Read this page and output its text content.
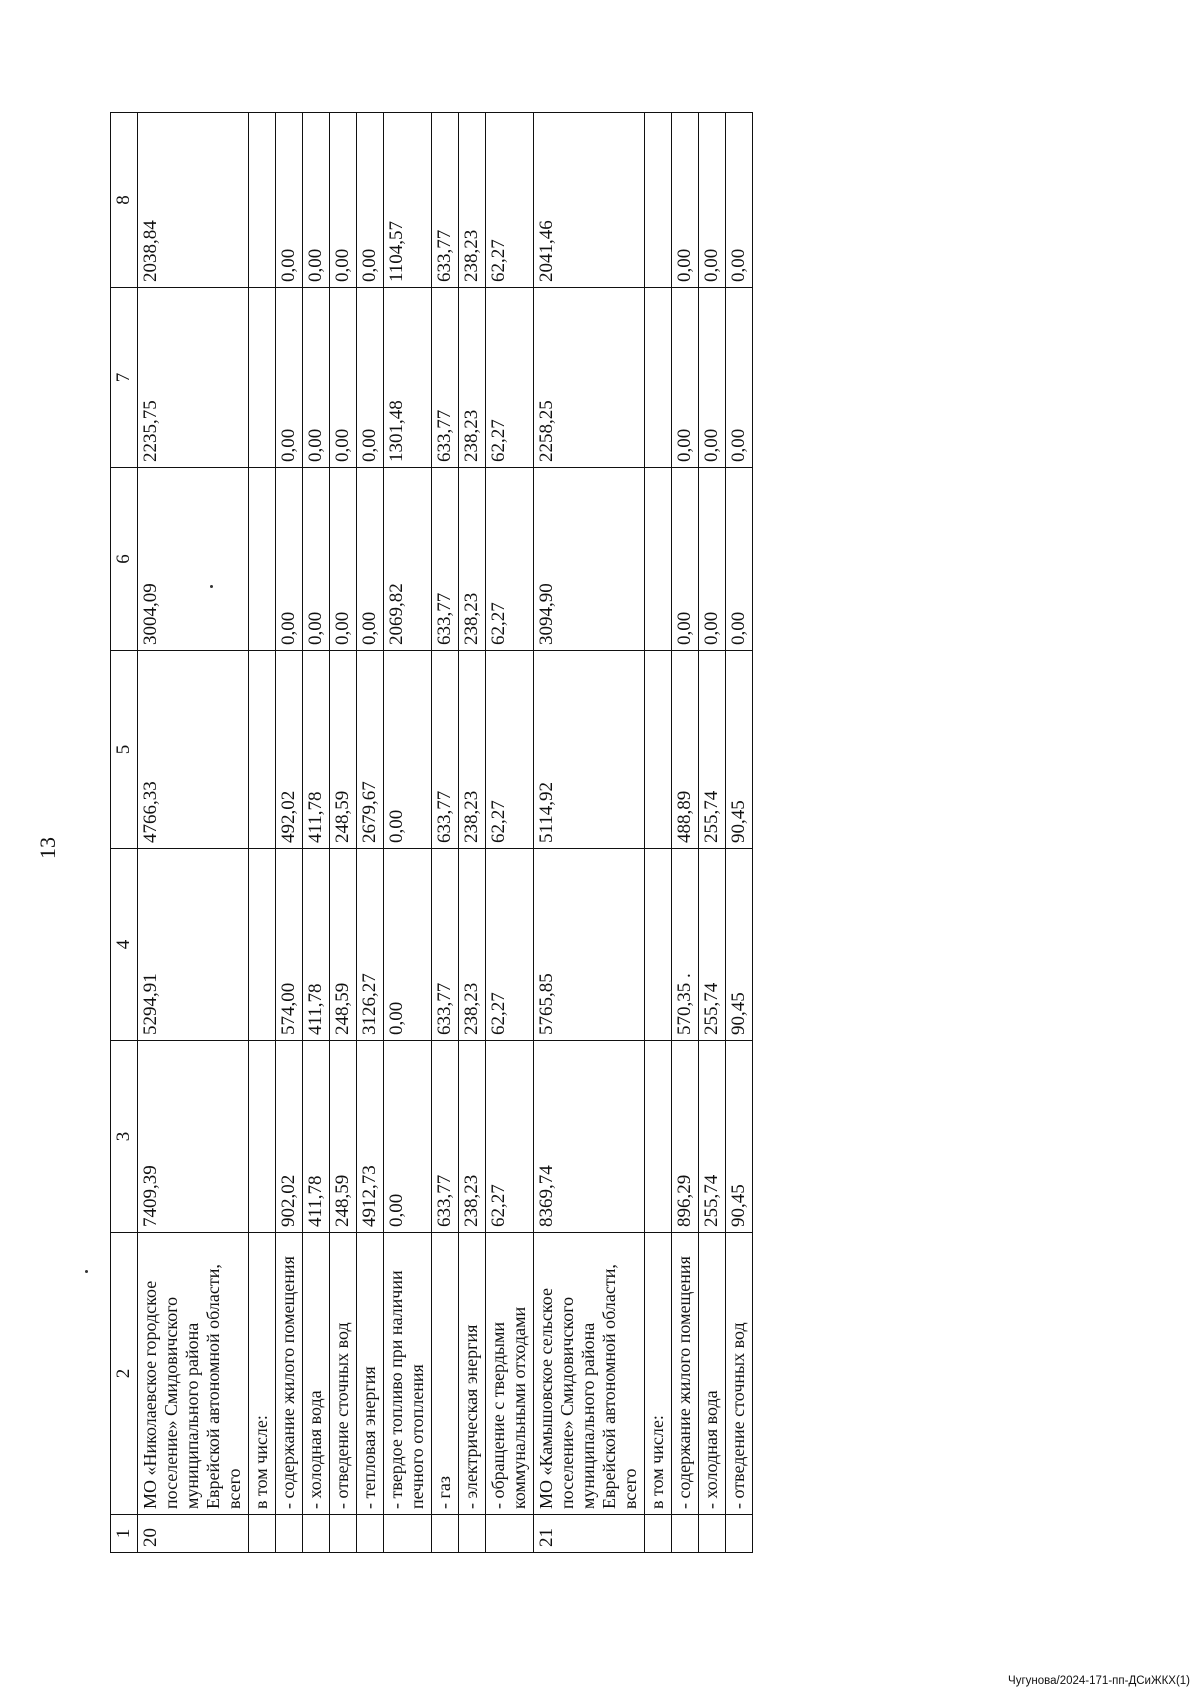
13
1	2	3	4	5	6	7	8
20	МО «Николаевское городское поселение» Смидовичского муниципального района Еврейской автономной области, всего	7409,39	5294,91	4766,33	3004,09	2235,75	2038,84
	в том числе:						
	- содержание жилого помещения	902,02	574,00	492,02	0,00	0,00	0,00
	- холодная вода	411,78	411,78	411,78	0,00	0,00	0,00
	- отведение сточных вод	248,59	248,59	248,59	0,00	0,00	0,00
	- тепловая энергия	4912,73	3126,27	2679,67	0,00	0,00	0,00
	- твердое топливо при наличии печного отопления	0,00	0,00	0,00	2069,82	1301,48	1104,57
	- газ	633,77	633,77	633,77	633,77	633,77	633,77
	- электрическая энергия	238,23	238,23	238,23	238,23	238,23	238,23
	- обращение с твердыми коммунальными отходами	62,27	62,27	62,27	62,27	62,27	62,27
21	МО «Камышовское сельское поселение» Смидовичского муниципального района Еврейской автономной области, всего	8369,74	5765,85	5114,92	3094,90	2258,25	2041,46
	в том числе:						
	- содержание жилого помещения	896,29	570,35 .	488,89	0,00	0,00	0,00
	- холодная вода	255,74	255,74	255,74	0,00	0,00	0,00
	- отведение сточных вод	90,45	90,45	90,45	0,00	0,00	0,00
Чугунова/2024-171-пп-ДСиЖКХ(1)
